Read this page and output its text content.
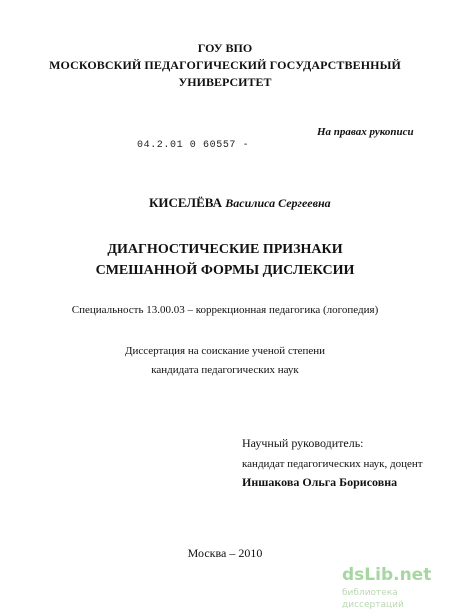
ГОУ ВПО
МОСКОВСКИЙ ПЕДАГОГИЧЕСКИЙ ГОСУДАРСТВЕННЫЙ
УНИВЕРСИТЕТ
На правах рукописи
04.2.01 0 60557 -
КИСЕЛЁВА Василиса Сергеевна
ДИАГНОСТИЧЕСКИЕ ПРИЗНАКИ
СМЕШАННОЙ ФОРМЫ ДИСЛЕКСИИ
Специальность 13.00.03 – коррекционная педагогика (логопедия)
Диссертация на соискание ученой степени
кандидата педагогических наук
Научный руководитель:
кандидат педагогических наук, доцент
Иншакова Ольга Борисовна
Москва – 2010
dsLib.net
библиотека диссертаций
